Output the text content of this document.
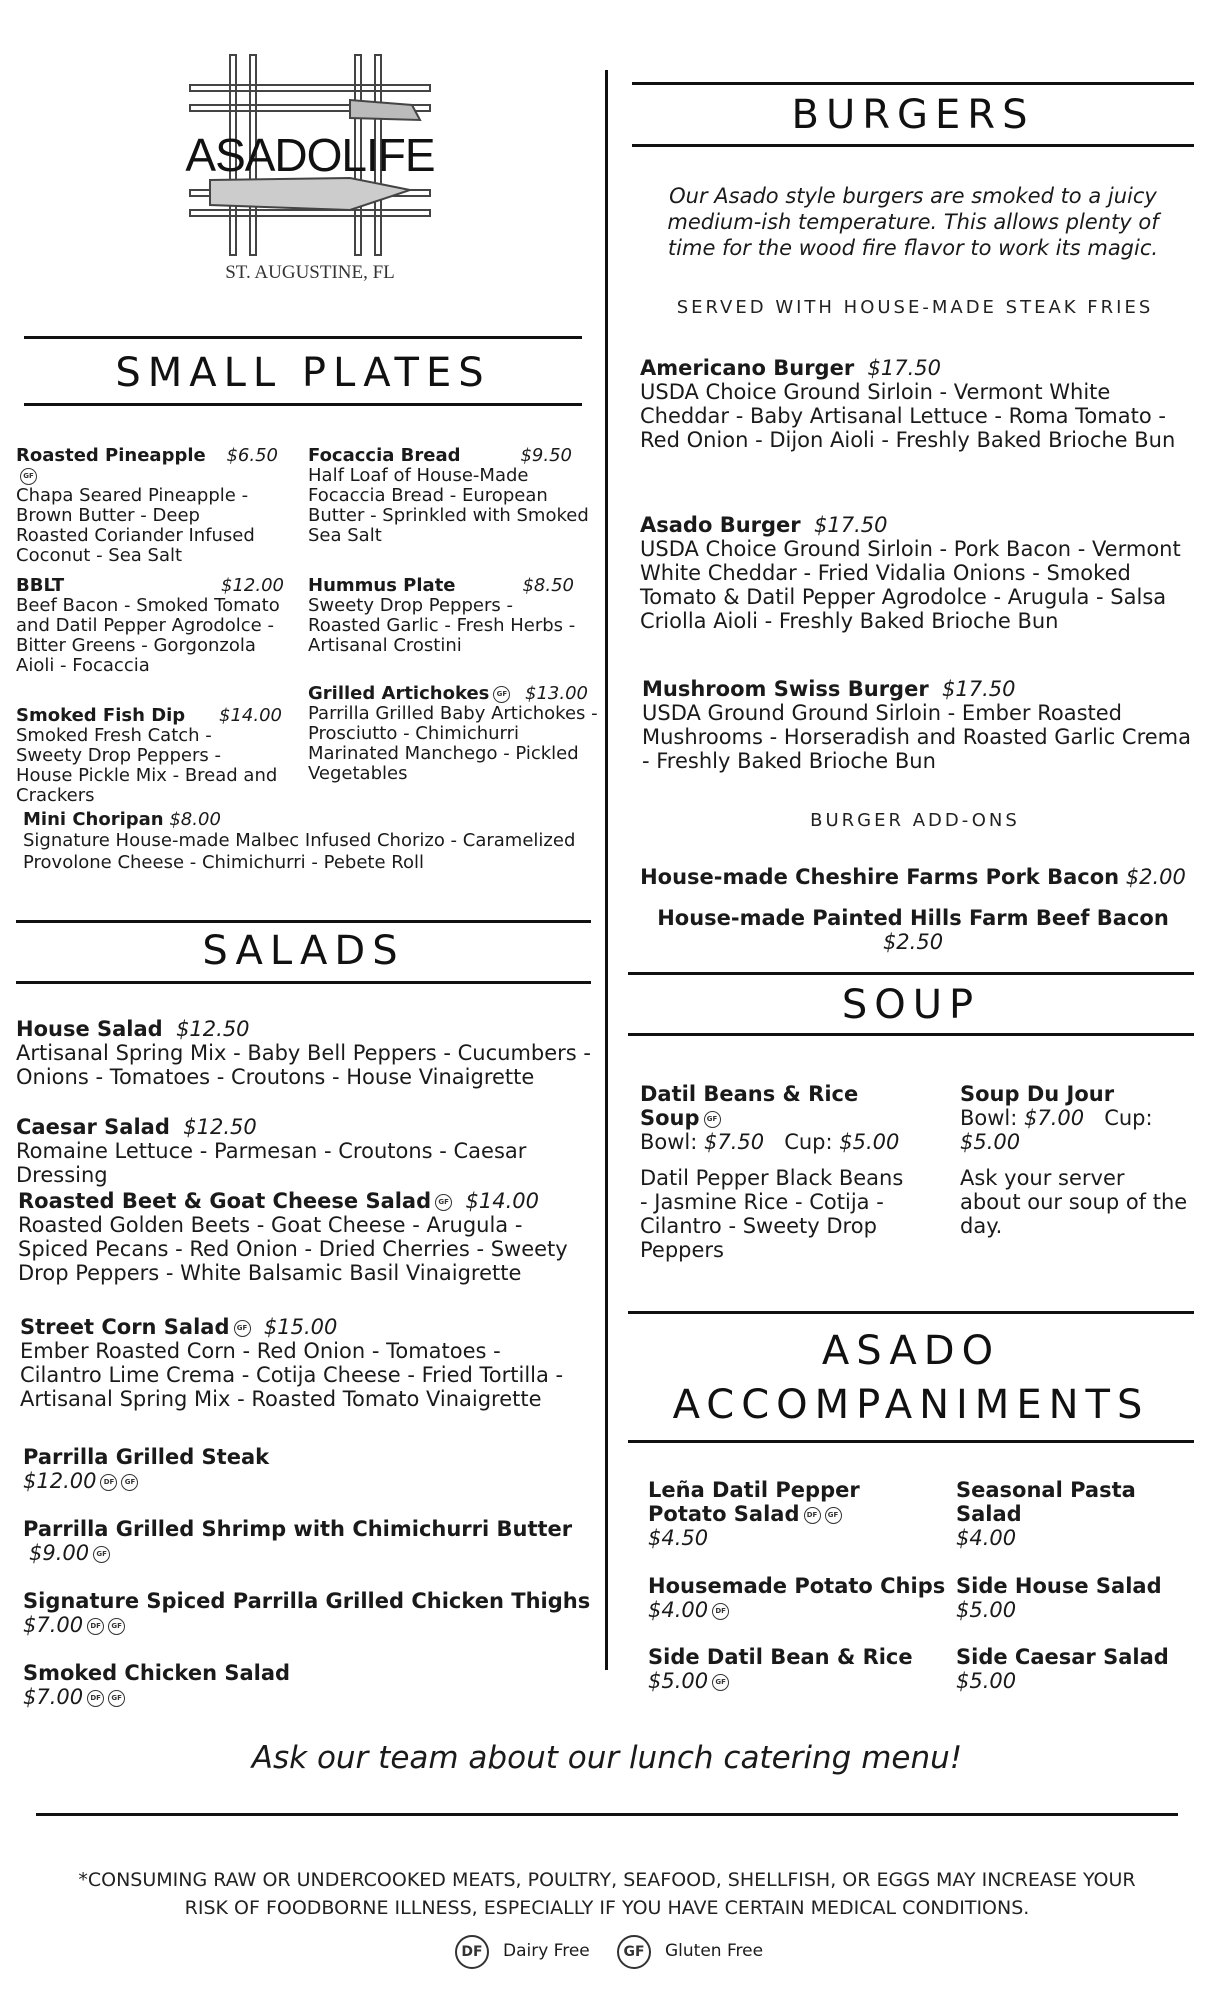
ASADOLIFE
ST. AUGUSTINE, FL
SMALL PLATES
Roasted PineappleGF
$6.50
Chapa Seared Pineapple - Brown Butter - Deep Roasted Coriander Infused Coconut - Sea Salt
Focaccia Bread	$9.50
Half Loaf of House-Made Focaccia Bread - European Butter - Sprinkled with Smoked Sea Salt
BBLT	$12.00
Beef Bacon - Smoked Tomato and Datil Pepper Agrodolce - Bitter Greens - Gorgonzola Aioli - Focaccia
Hummus Plate	$8.50
Sweety Drop Peppers - Roasted Garlic - Fresh Herbs - Artisanal Crostini
Smoked Fish Dip $14.00
Smoked Fresh Catch - Sweety Drop Peppers - House Pickle Mix - Bread and Crackers
Grilled Artichokes GF $13.00
Parrilla Grilled Baby Artichokes - Prosciutto - Chimichurri Marinated Manchego - Pickled Vegetables
Mini Choripan $8.00
Signature House-made Malbec Infused Chorizo - Caramelized Provolone Cheese - Chimichurri - Pebete Roll
SALADS
House Salad $12.50
Artisanal Spring Mix - Baby Bell Peppers - Cucumbers - Onions - Tomatoes - Croutons - House Vinaigrette
Caesar Salad $12.50
Romaine Lettuce - Parmesan - Croutons - Caesar Dressing
Roasted Beet & Goat Cheese Salad GF $14.00
Roasted Golden Beets - Goat Cheese - Arugula - Spiced Pecans - Red Onion - Dried Cherries - Sweety Drop Peppers - White Balsamic Basil Vinaigrette
Street Corn Salad GF $15.00
Ember Roasted Corn - Red Onion - Tomatoes - Cilantro Lime Crema - Cotija Cheese - Fried Tortilla - Artisanal Spring Mix - Roasted Tomato Vinaigrette
Parrilla Grilled Steak
$12.00 DF GF
Parrilla Grilled Shrimp with Chimichurri Butter
$9.00 GF
Signature Spiced Parrilla Grilled Chicken Thighs
$7.00 DF GF
Smoked Chicken Salad
$7.00 DF GF
BURGERS
Our Asado style burgers are smoked to a juicy medium-ish temperature. This allows plenty of time for the wood fire flavor to work its magic.
SERVED WITH HOUSE-MADE STEAK FRIES
Americano Burger $17.50
USDA Choice Ground Sirloin - Vermont White Cheddar - Baby Artisanal Lettuce - Roma Tomato - Red Onion - Dijon Aioli - Freshly Baked Brioche Bun
Asado Burger $17.50
USDA Choice Ground Sirloin - Pork Bacon - Vermont White Cheddar - Fried Vidalia Onions - Smoked Tomato & Datil Pepper Agrodolce - Arugula - Salsa Criolla Aioli - Freshly Baked Brioche Bun
Mushroom Swiss Burger $17.50
USDA Ground Ground Sirloin - Ember Roasted Mushrooms - Horseradish and Roasted Garlic Crema - Freshly Baked Brioche Bun
BURGER ADD-ONS
House-made Cheshire Farms Pork Bacon $2.00
House-made Painted Hills Farm Beef Bacon $2.50
SOUP
Datil Beans & Rice Soup GF
Bowl: $7.50 Cup: $5.00
Datil Pepper Black Beans - Jasmine Rice - Cotija - Cilantro - Sweety Drop Peppers
Soup Du Jour
Bowl: $7.00 Cup: $5.00
Ask your server about our soup of the day.
ASADO
ACCOMPANIMENTS
Leña Datil Pepper Potato Salad DF GF
$4.50
Seasonal Pasta Salad
$4.00
Housemade Potato Chips
$4.00 DF
Side House Salad
$5.00
Side Datil Bean & Rice
$5.00 GF
Side Caesar Salad
$5.00
Ask our team about our lunch catering menu!
*CONSUMING RAW OR UNDERCOOKED MEATS, POULTRY, SEAFOOD, SHELLFISH, OR EGGS MAY INCREASE YOUR RISK OF FOODBORNE ILLNESS, ESPECIALLY IF YOU HAVE CERTAIN MEDICAL CONDITIONS.
DF	Dairy Free	GF	Gluten Free
